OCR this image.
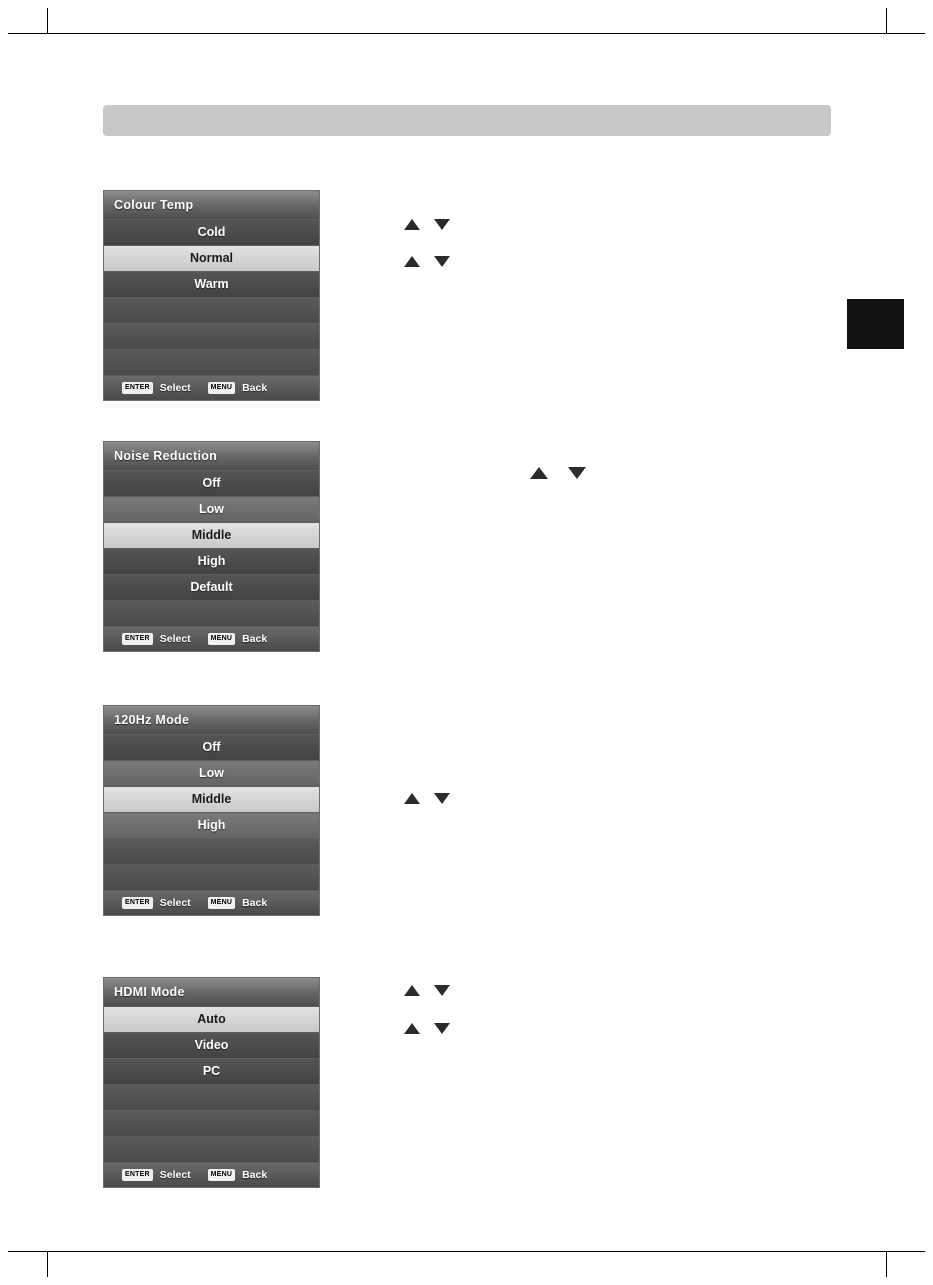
Colour Temp
Cold
Normal
Warm
ENTER Select	MENU Back
Noise Reduction
Off
Low
Middle
High
Default
ENTER Select	MENU Back
120Hz Mode
Off
Low
Middle
High
ENTER Select	MENU Back
HDMI Mode
Auto
Video
PC
ENTER Select	MENU Back
